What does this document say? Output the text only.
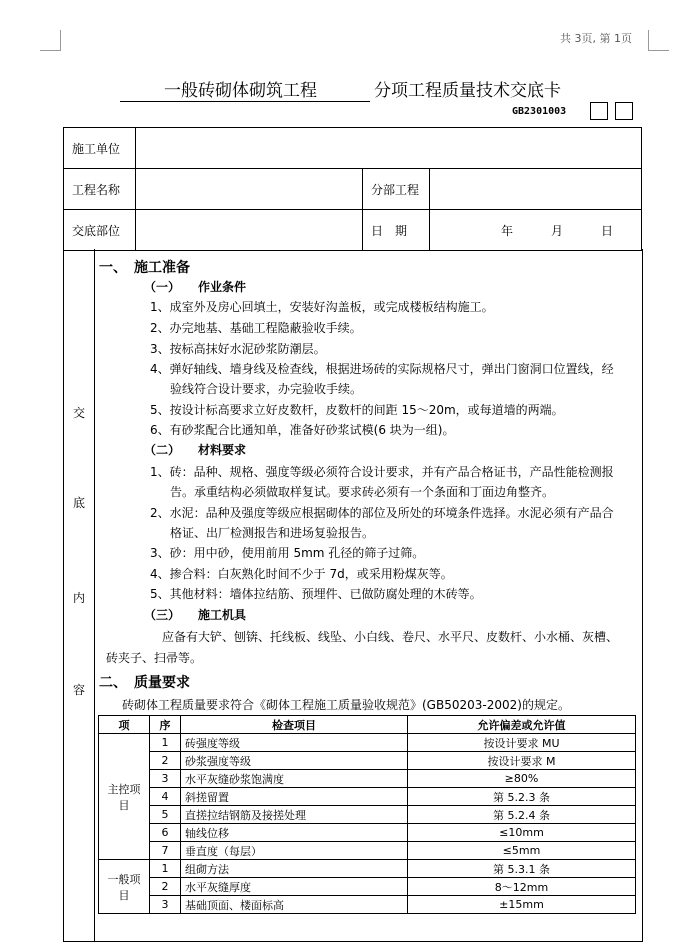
共 3页, 第 1页
一般砖砌体砌筑工程	分项工程质量技术交底卡
GB2301003
施工单位			
工程名称		分部工程	
交底部位		日　期	年 月 日
交
底
内
容
一、　施工准备
（一）　　作业条件
1、成室外及房心回填土，安装好沟盖板，或完成楼板结构施工。
2、办完地基、基础工程隐蔽验收手续。
3、按标高抹好水泥砂浆防潮层。
4、弹好轴线、墙身线及检查线，根据进场砖的实际规格尺寸，弹出门窗洞口位置线，经
验线符合设计要求，办完验收手续。
5、按设计标高要求立好皮数杆，皮数杆的间距 15～20m，或每道墙的两端。
6、有砂浆配合比通知单，准备好砂浆试模(6 块为一组)。
（二）　　材料要求
1、砖：品种、规格、强度等级必须符合设计要求，并有产品合格证书，产品性能检测报
告。承重结构必须做取样复试。要求砖必须有一个条面和丁面边角整齐。
2、水泥：品种及强度等级应根据砌体的部位及所处的环境条件选择。水泥必须有产品合
格证、出厂检测报告和进场复验报告。
3、砂：用中砂，使用前用 5mm 孔径的筛子过筛。
4、掺合料：白灰熟化时间不少于 7d，或采用粉煤灰等。
5、其他材料：墙体拉结筋、预埋件、已做防腐处理的木砖等。
（三）　　施工机具
应备有大铲、刨锛、托线板、线坠、小白线、卷尺、水平尺、皮数杆、小水桶、灰槽、
砖夹子、扫帚等。
二、　质量要求
砖砌体工程质量要求符合《砌体工程施工质量验收规范》(GB50203-2002)的规定。
项	序	检查项目	允许偏差或允许值
主控项目	1	砖强度等级	按设计要求 MU
	2	砂浆强度等级	按设计要求 M
	3	水平灰缝砂浆饱满度	≥80%
	4	斜搓留置	第 5.2.3 条
	5	直搓拉结钢筋及接搓处理	第 5.2.4 条
	6	轴线位移	≤10mm
	7	垂直度（每层）	≤5mm
一般项目	1	组砌方法	第 5.3.1 条
	2	水平灰缝厚度	8～12mm
	3	基础顶面、楼面标高	±15mm
